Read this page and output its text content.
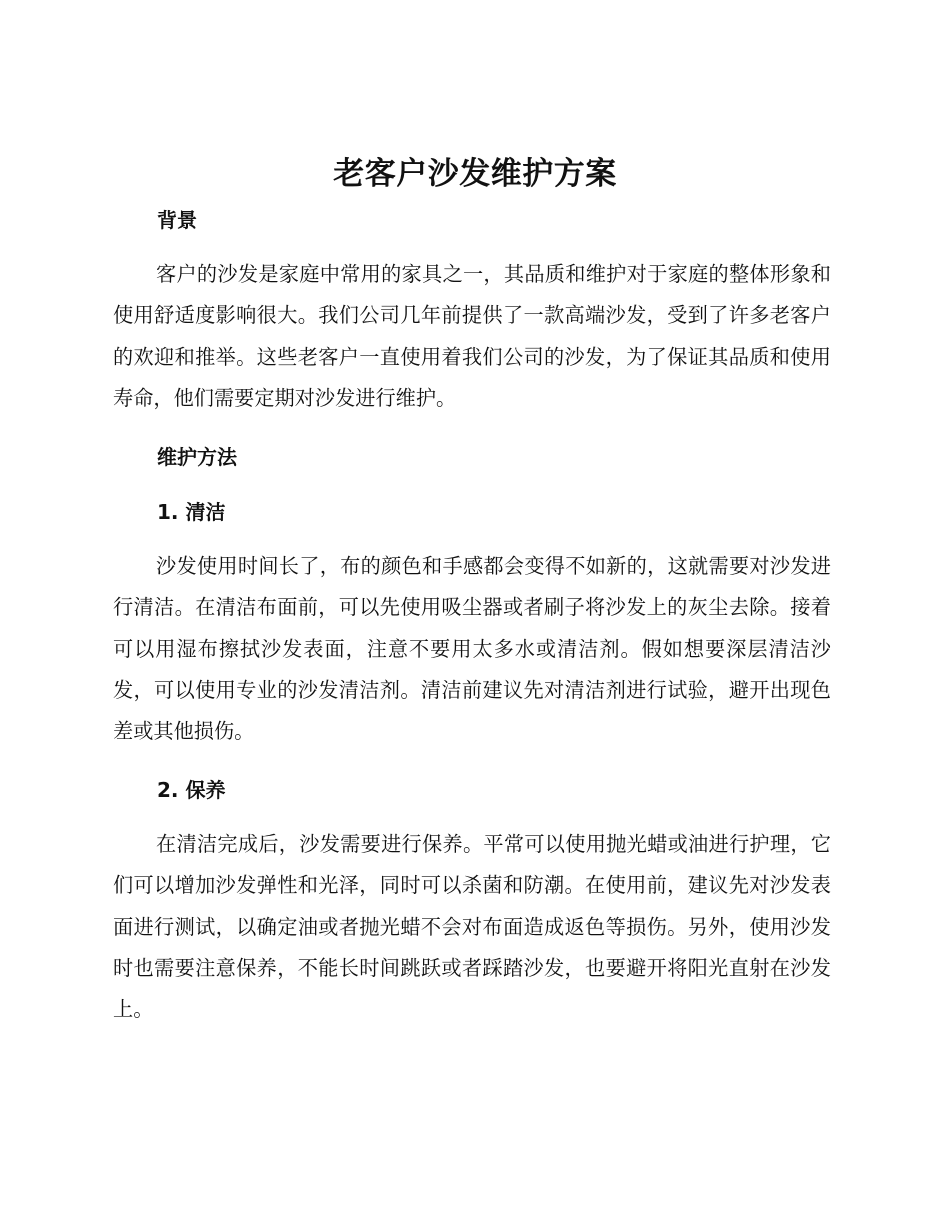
老客户沙发维护方案
背景

客户的沙发是家庭中常用的家具之一，其品质和维护对于家庭的整体形象和使用舒适度影响很大。我们公司几年前提供了一款高端沙发，受到了许多老客户的欢迎和推举。这些老客户一直使用着我们公司的沙发，为了保证其品质和使用寿命，他们需要定期对沙发进行维护。

维护方法
1. 清洁

沙发使用时间长了，布的颜色和手感都会变得不如新的，这就需要对沙发进行清洁。在清洁布面前，可以先使用吸尘器或者刷子将沙发上的灰尘去除。接着可以用湿布擦拭沙发表面，注意不要用太多水或清洁剂。假如想要深层清洁沙发，可以使用专业的沙发清洁剂。清洁前建议先对清洁剂进行试验，避开出现色差或其他损伤。

2. 保养

在清洁完成后，沙发需要进行保养。平常可以使用抛光蜡或油进行护理，它们可以增加沙发弹性和光泽，同时可以杀菌和防潮。在使用前，建议先对沙发表面进行测试，以确定油或者抛光蜡不会对布面造成返色等损伤。另外，使用沙发时也需要注意保养，不能长时间跳跃或者踩踏沙发，也要避开将阳光直射在沙发上。
